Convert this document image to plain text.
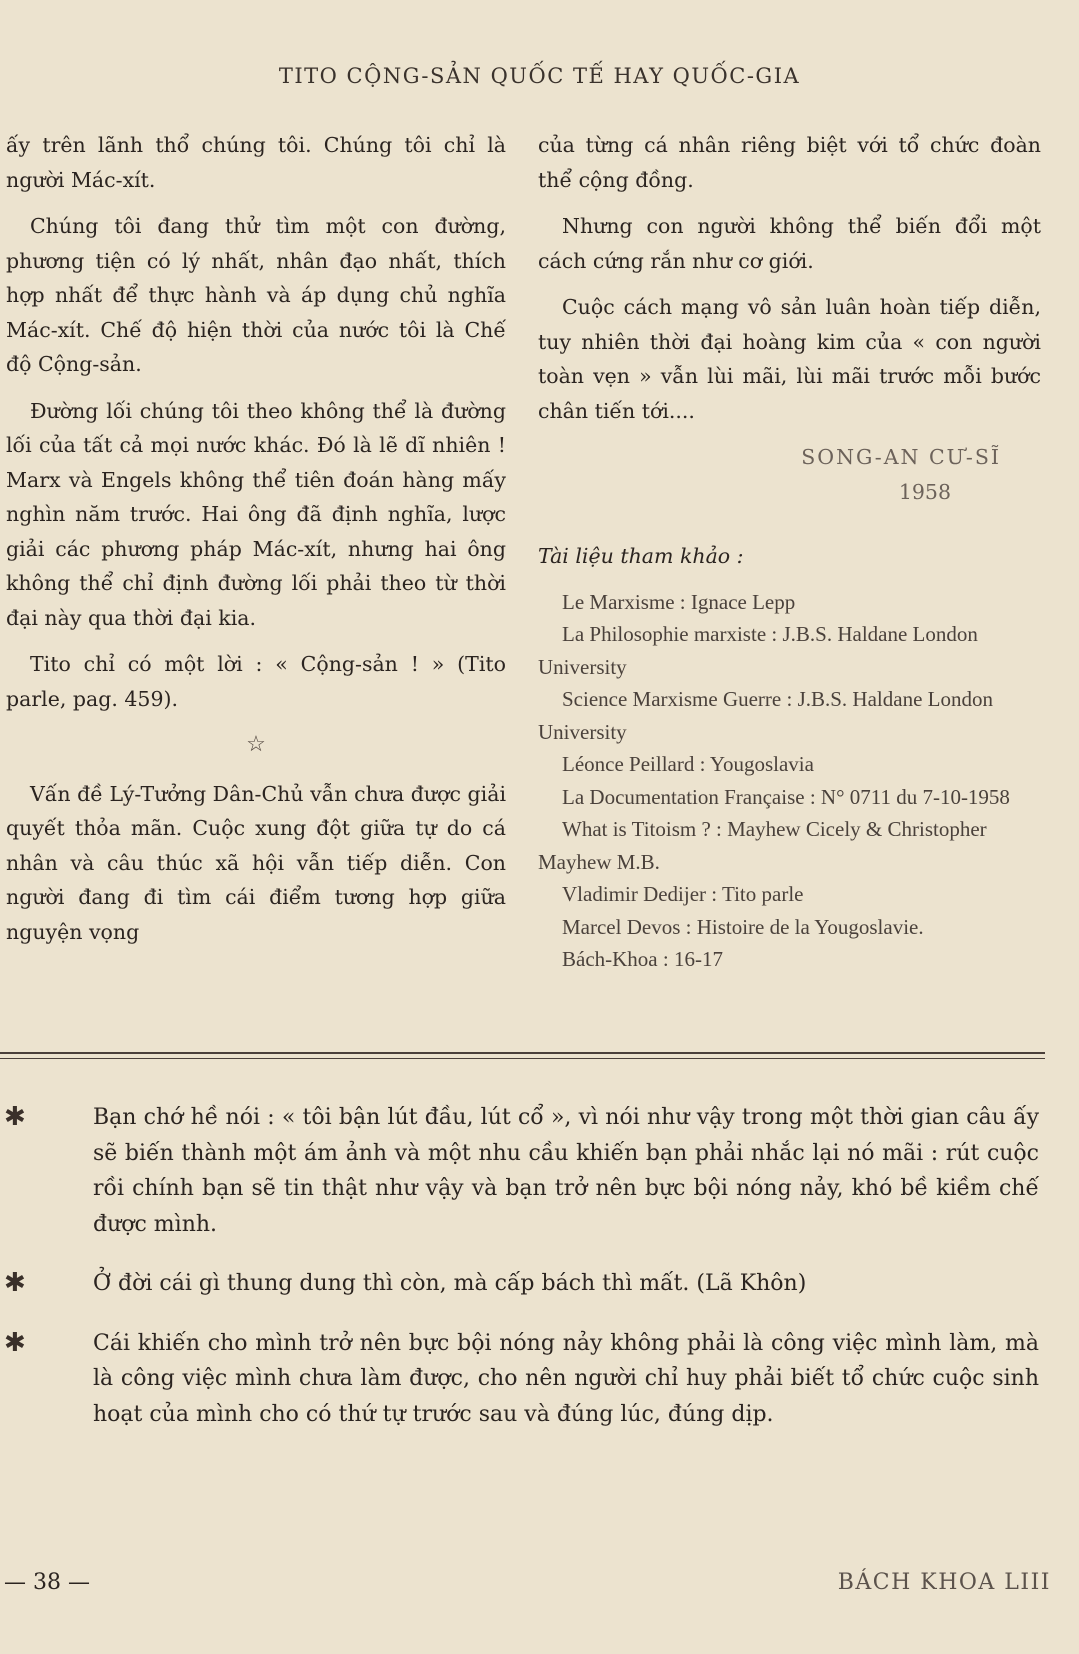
TITO CỘNG-SẢN QUỐC TẾ HAY QUỐC-GIA

ấy trên lãnh thổ chúng tôi. Chúng tôi chỉ là người Mác-xít.

Chúng tôi đang thử tìm một con đường, phương tiện có lý nhất, nhân đạo nhất, thích hợp nhất để thực hành và áp dụng chủ nghĩa Mác-xít. Chế độ hiện thời của nước tôi là Chế độ Cộng-sản.

Đường lối chúng tôi theo không thể là đường lối của tất cả mọi nước khác. Đó là lẽ dĩ nhiên ! Marx và Engels không thể tiên đoán hàng mấy nghìn năm trước. Hai ông đã định nghĩa, lược giải các phương pháp Mác-xít, nhưng hai ông không thể chỉ định đường lối phải theo từ thời đại này qua thời đại kia.

Tito chỉ có một lời : « Cộng-sản ! » (Tito parle, pag. 459).

☆

Vấn đề Lý-Tưởng Dân-Chủ vẫn chưa được giải quyết thỏa mãn. Cuộc xung đột giữa tự do cá nhân và câu thúc xã hội vẫn tiếp diễn. Con người đang đi tìm cái điểm tương hợp giữa nguyện vọng

của từng cá nhân riêng biệt với tổ chức đoàn thể cộng đồng.

Nhưng con người không thể biến đổi một cách cứng rắn như cơ giới.

Cuộc cách mạng vô sản luân hoàn tiếp diễn, tuy nhiên thời đại hoàng kim của « con người toàn vẹn » vẫn lùi mãi, lùi mãi trước mỗi bước chân tiến tới....

SONG-AN CƯ-SĨ
1958

Tài liệu tham khảo :

Le Marxisme : Ignace Lepp

La Philosophie marxiste : J.B.S. Haldane London University

Science Marxisme Guerre : J.B.S. Haldane London University

Léonce Peillard : Yougoslavia

La Documentation Française : N° 0711 du 7-10-1958

What is Titoism ? : Mayhew Cicely & Christopher Mayhew M.B.

Vladimir Dedijer : Tito parle

Marcel Devos : Histoire de la Yougoslavie.

Bách-Khoa : 16-17

✱	Bạn chớ hề nói : « tôi bận lút đầu, lút cổ », vì nói như vậy trong một thời gian câu ấy sẽ biến thành một ám ảnh và một nhu cầu khiến bạn phải nhắc lại nó mãi : rút cuộc rồi chính bạn sẽ tin thật như vậy và bạn trở nên bực bội nóng nảy, khó bề kiềm chế được mình.
✱	Ở đời cái gì thung dung thì còn, mà cấp bách thì mất. (Lã Khôn)
✱	Cái khiến cho mình trở nên bực bội nóng nảy không phải là công việc mình làm, mà là công việc mình chưa làm được, cho nên người chỉ huy phải biết tổ chức cuộc sinh hoạt của mình cho có thứ tự trước sau và đúng lúc, đúng dịp.
— 38 —	BÁCH KHOA LIII
